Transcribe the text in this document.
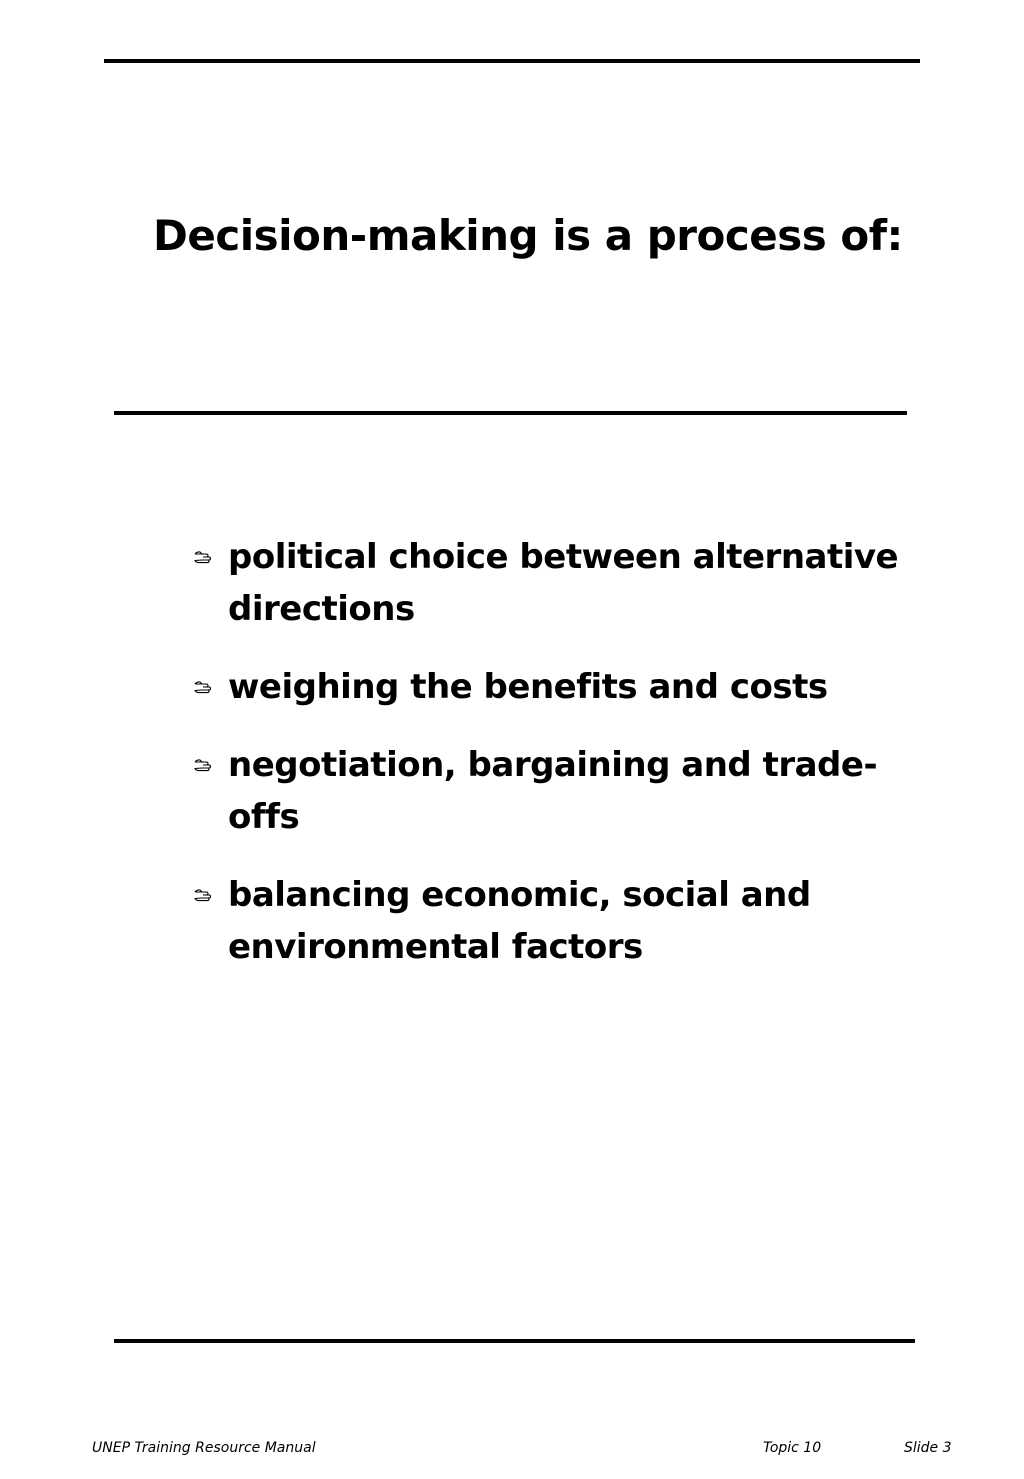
Decision-making is a process of:
political choice between alternative directions
weighing the benefits and costs
negotiation, bargaining and trade-offs
balancing economic, social and environmental factors
UNEP Training Resource Manual	Topic 10	Slide 3
